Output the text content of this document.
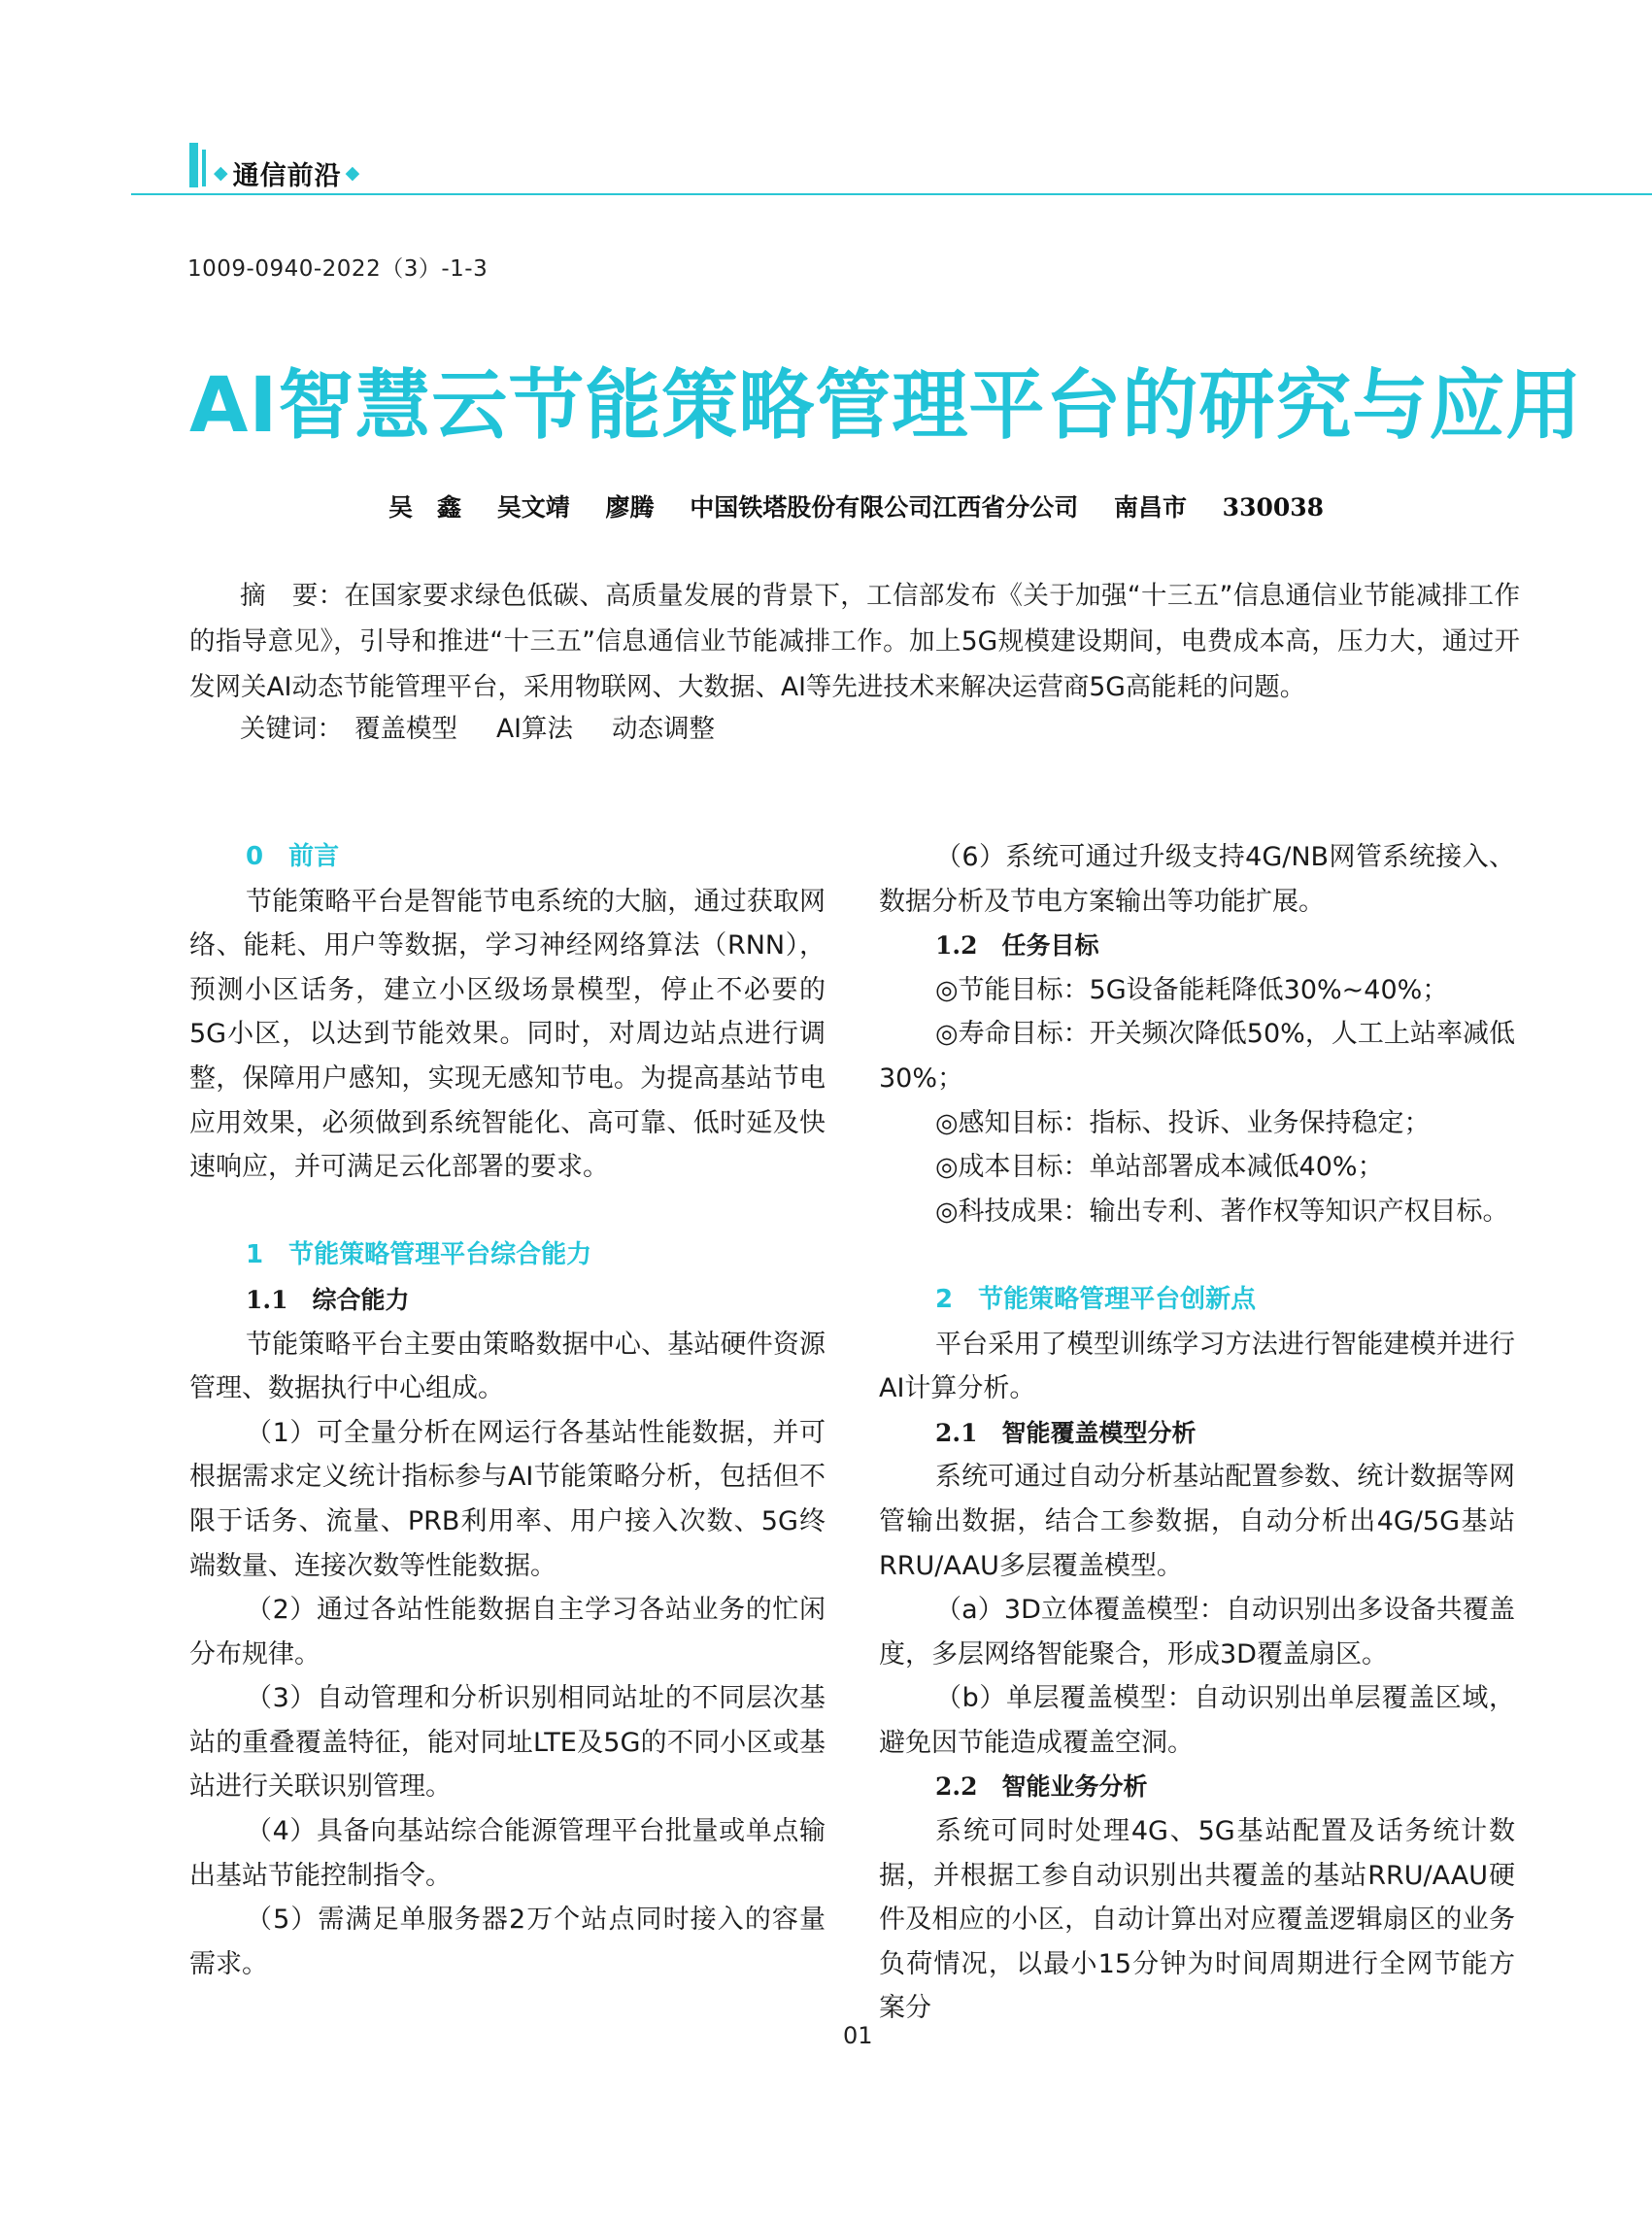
◆ 通信前沿 ◆
1009-0940-2022（3）-1-3
AI智慧云节能策略管理平台的研究与应用
吴　鑫 吴文靖 廖腾 中国铁塔股份有限公司江西省分公司 南昌市 330038

摘　要：在国家要求绿色低碳、高质量发展的背景下，工信部发布《关于加强“十三五”信息通信业节能减排工作的指导意见》，引导和推进“十三五”信息通信业节能减排工作。加上5G规模建设期间，电费成本高，压力大，通过开发网关AI动态节能管理平台，采用物联网、大数据、AI等先进技术来解决运营商5G高能耗的问题。

关键词： 覆盖模型 AI算法 动态调整
0　前言

节能策略平台是智能节电系统的大脑，通过获取网络、能耗、用户等数据，学习神经网络算法（RNN），预测小区话务，建立小区级场景模型，停止不必要的5G小区，以达到节能效果。同时，对周边站点进行调整，保障用户感知，实现无感知节电。为提高基站节电应用效果，必须做到系统智能化、高可靠、低时延及快速响应，并可满足云化部署的要求。

1　节能策略管理平台综合能力
1.1　综合能力

节能策略平台主要由策略数据中心、基站硬件资源管理、数据执行中心组成。

（1）可全量分析在网运行各基站性能数据，并可根据需求定义统计指标参与AI节能策略分析，包括但不限于话务、流量、PRB利用率、用户接入次数、5G终端数量、连接次数等性能数据。

（2）通过各站性能数据自主学习各站业务的忙闲分布规律。

（3）自动管理和分析识别相同站址的不同层次基站的重叠覆盖特征，能对同址LTE及5G的不同小区或基站进行关联识别管理。

（4）具备向基站综合能源管理平台批量或单点输出基站节能控制指令。

（5）需满足单服务器2万个站点同时接入的容量需求。

（6）系统可通过升级支持4G/NB网管系统接入、数据分析及节电方案输出等功能扩展。

1.2　任务目标

◎节能目标：5G设备能耗降低30%~40%；

◎寿命目标：开关频次降低50%，人工上站率减低30%；

◎感知目标：指标、投诉、业务保持稳定；

◎成本目标：单站部署成本减低40%；

◎科技成果：输出专利、著作权等知识产权目标。

2　节能策略管理平台创新点

平台采用了模型训练学习方法进行智能建模并进行AI计算分析。

2.1　智能覆盖模型分析

系统可通过自动分析基站配置参数、统计数据等网管输出数据，结合工参数据，自动分析出4G/5G基站RRU/AAU多层覆盖模型。

（a）3D立体覆盖模型：自动识别出多设备共覆盖度，多层网络智能聚合，形成3D覆盖扇区。

（b）单层覆盖模型：自动识别出单层覆盖区域，避免因节能造成覆盖空洞。

2.2　智能业务分析

系统可同时处理4G、5G基站配置及话务统计数据，并根据工参自动识别出共覆盖的基站RRU/AAU硬件及相应的小区，自动计算出对应覆盖逻辑扇区的业务负荷情况，以最小15分钟为时间周期进行全网节能方案分

01
